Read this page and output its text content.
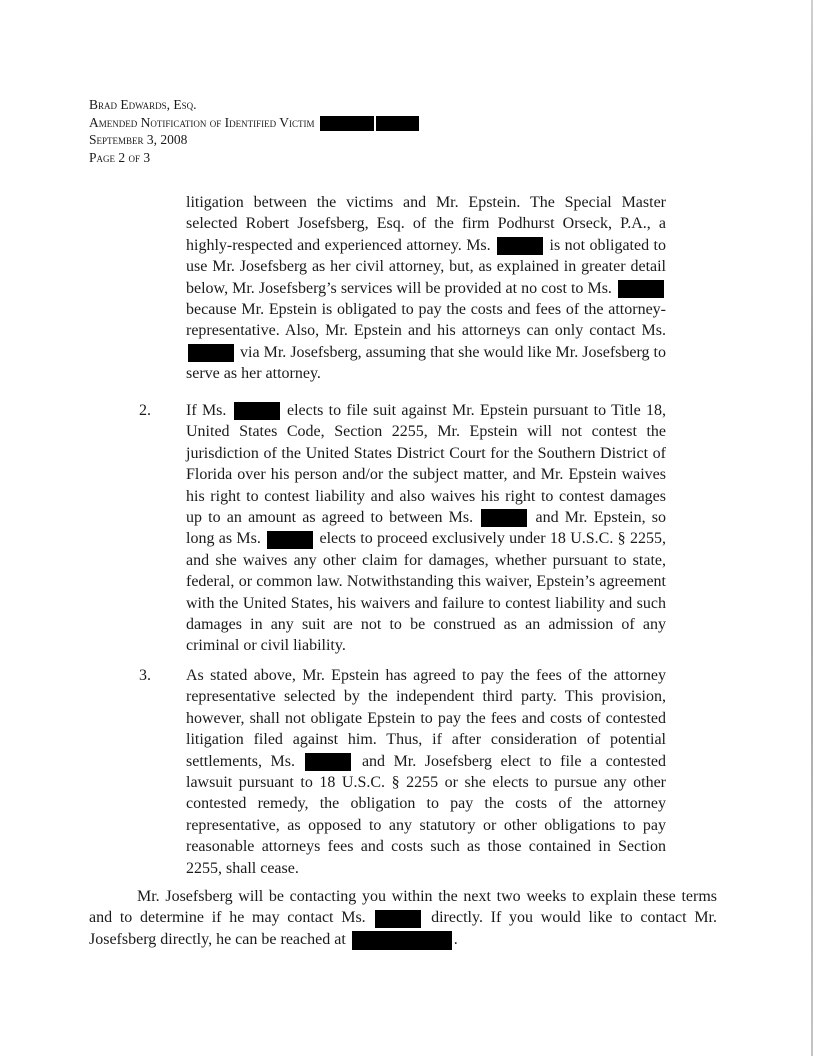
Brad Edwards, Esq.
Amended Notification of Identified Victim
September 3, 2008
Page 2 of 3
litigation between the victims and Mr. Epstein. The Special Master selected Robert Josefsberg, Esq. of the firm Podhurst Orseck, P.A., a highly-respected and experienced attorney. Ms.	is not obligated to use Mr. Josefsberg as her civil attorney, but, as explained in greater detail below, Mr. Josefsberg’s services will be provided at no cost to Ms.  because Mr. Epstein is obligated to pay the costs and fees of the attorney-representative. Also, Mr. Epstein and his attorneys can only contact Ms.  via Mr. Josefsberg, assuming that she would like Mr. Josefsberg to serve as her attorney.
2. If Ms.	elects to file suit against Mr. Epstein pursuant to Title 18, United States Code, Section 2255, Mr. Epstein will not contest the jurisdiction of the United States District Court for the Southern District of Florida over his person and/or the subject matter, and Mr. Epstein waives his right to contest liability and also waives his right to contest damages up to an amount as agreed to between Ms.	and Mr. Epstein, so long as Ms.	elects to proceed exclusively under 18 U.S.C. § 2255, and she waives any other claim for damages, whether pursuant to state, federal, or common law. Notwithstanding this waiver, Epstein’s agreement with the United States, his waivers and failure to contest liability and such damages in any suit are not to be construed as an admission of any criminal or civil liability.
3. As stated above, Mr. Epstein has agreed to pay the fees of the attorney representative selected by the independent third party. This provision, however, shall not obligate Epstein to pay the fees and costs of contested litigation filed against him. Thus, if after consideration of potential settlements, Ms.	and Mr. Josefsberg elect to file a contested lawsuit pursuant to 18 U.S.C. § 2255 or she elects to pursue any other contested remedy, the obligation to pay the costs of the attorney representative, as opposed to any statutory or other obligations to pay reasonable attorneys fees and costs such as those contained in Section 2255, shall cease.
Mr. Josefsberg will be contacting you within the next two weeks to explain these terms and to determine if he may contact Ms.	directly. If you would like to contact Mr. Josefsberg directly, he can be reached at	.
